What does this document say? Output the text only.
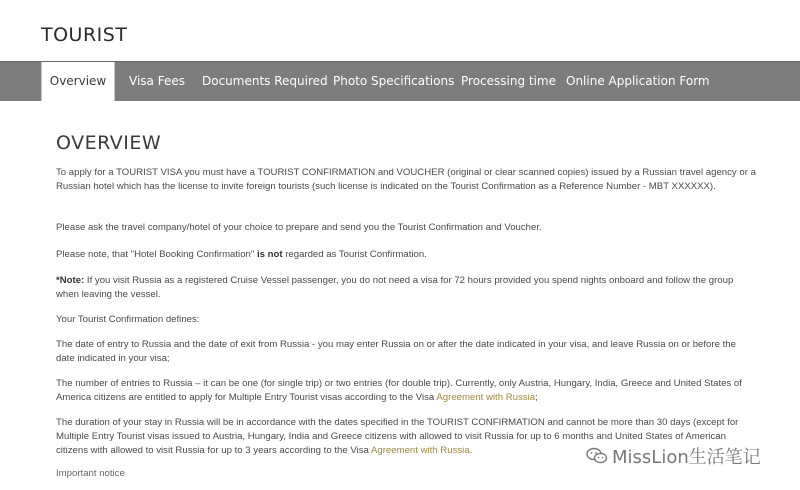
TOURIST
Overview	Visa Fees Documents Required Photo Specifications Processing time Online Application Form
OVERVIEW

To apply for a TOURIST VISA you must have a TOURIST CONFIRMATION and VOUCHER (original or clear scanned copies) issued by a Russian travel agency or a Russian hotel which has the license to invite foreign tourists (such license is indicated on the Tourist Confirmation as a Reference Number - MBT XXXXXX).

Please ask the travel company/hotel of your choice to prepare and send you the Tourist Confirmation and Voucher.

Please note, that "Hotel Booking Confirmation" is not regarded as Tourist Confirmation.

*Note: If you visit Russia as a registered Cruise Vessel passenger, you do not need a visa for 72 hours provided you spend nights onboard and follow the group when leaving the vessel.

Your Tourist Confirmation defines:

The date of entry to Russia and the date of exit from Russia - you may enter Russia on or after the date indicated in your visa, and leave Russia on or before the date indicated in your visa;

The number of entries to Russia – it can be one (for single trip) or two entries (for double trip). Currently, only Austria, Hungary, India, Greece and United States of America citizens are entitled to apply for Multiple Entry Tourist visas according to the Visa Agreement with Russia;

The duration of your stay in Russia will be in accordance with the dates specified in the TOURIST CONFIRMATION and cannot be more than 30 days (except for Multiple Entry Tourist visas issued to Austria, Hungary, India and Greece citizens with allowed to visit Russia for up to 6 months and United States of American citizens with allowed to visit Russia for up to 3 years according to the Visa Agreement with Russia.

Important notice
MissLion生活笔记
